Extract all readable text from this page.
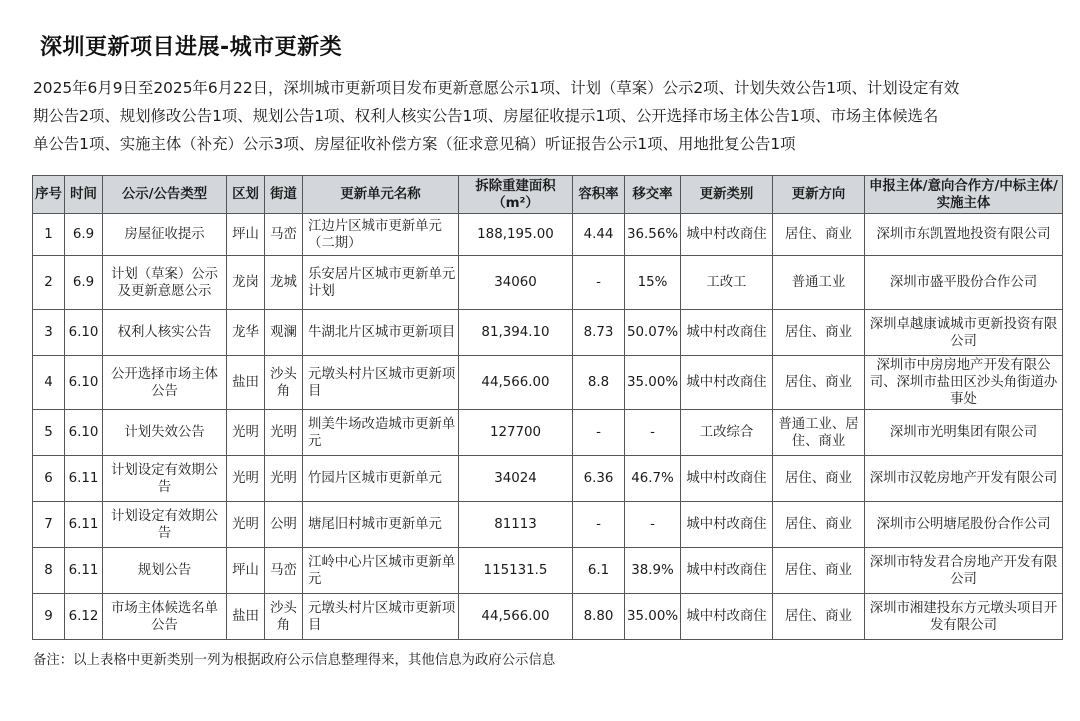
深圳更新项目进展-城市更新类
2025年6月9日至2025年6月22日，深圳城市更新项目发布更新意愿公示1项、计划（草案）公示2项、计划失效公告1项、计划设定有效
期公告2项、规划修改公告1项、规划公告1项、权利人核实公告1项、房屋征收提示1项、公开选择市场主体公告1项、市场主体候选名
单公告1项、实施主体（补充）公示3项、房屋征收补偿方案（征求意见稿）听证报告公示1项、用地批复公告1项
序号	时间	公示/公告类型	区划	街道	更新单元名称	拆除重建面积（m²）	容积率	移交率	更新类别	更新方向	申报主体/意向合作方/中标主体/实施主体
1	6.9	房屋征收提示	坪山	马峦	江边片区城市更新单元（二期）	188,195.00	4.44	36.56%	城中村改商住	居住、商业	深圳市东凯置地投资有限公司
2	6.9	计划（草案）公示及更新意愿公示	龙岗	龙城	乐安居片区城市更新单元计划	34060	-	15%	工改工	普通工业	深圳市盛平股份合作公司
3	6.10	权利人核实公告	龙华	观澜	牛湖北片区城市更新项目	81,394.10	8.73	50.07%	城中村改商住	居住、商业	深圳卓越康诚城市更新投资有限公司
4	6.10	公开选择市场主体公告	盐田	沙头角	元墩头村片区城市更新项目	44,566.00	8.8	35.00%	城中村改商住	居住、商业	深圳市中房房地产开发有限公司、深圳市盐田区沙头角街道办事处
5	6.10	计划失效公告	光明	光明	圳美牛场改造城市更新单元	127700	-	-	工改综合	普通工业、居住、商业	深圳市光明集团有限公司
6	6.11	计划设定有效期公告	光明	光明	竹园片区城市更新单元	34024	6.36	46.7%	城中村改商住	居住、商业	深圳市汉乾房地产开发有限公司
7	6.11	计划设定有效期公告	光明	公明	塘尾旧村城市更新单元	81113	-	-	城中村改商住	居住、商业	深圳市公明塘尾股份合作公司
8	6.11	规划公告	坪山	马峦	江岭中心片区城市更新单元	115131.5	6.1	38.9%	城中村改商住	居住、商业	深圳市特发君合房地产开发有限公司
9	6.12	市场主体候选名单公告	盐田	沙头角	元墩头村片区城市更新项目	44,566.00	8.80	35.00%	城中村改商住	居住、商业	深圳市湘建投东方元墩头项目开发有限公司
备注：以上表格中更新类别一列为根据政府公示信息整理得来，其他信息为政府公示信息
